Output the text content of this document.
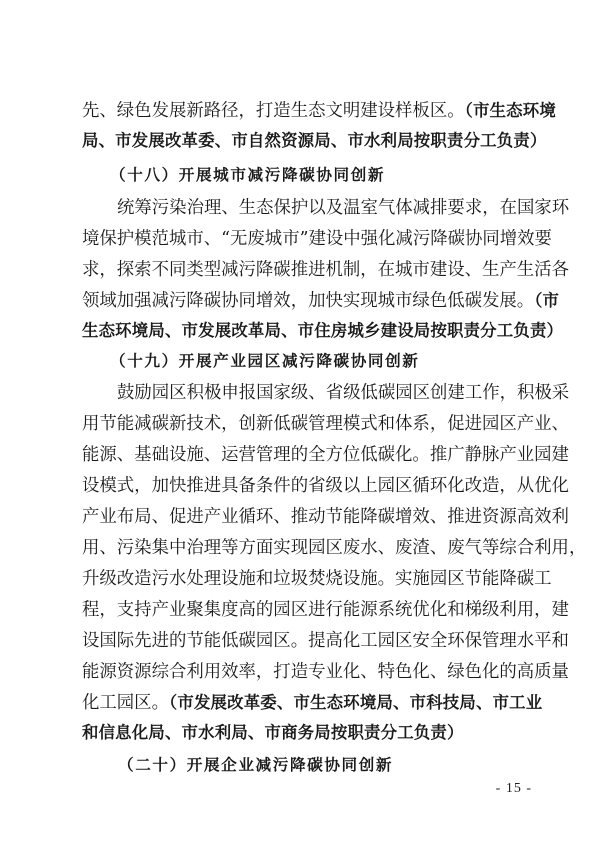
先、绿色发展新路径，打造生态文明建设样板区。（市生态环境
局、市发展改革委、市自然资源局、市水利局按职责分工负责）
（十八）开展城市减污降碳协同创新
统筹污染治理、生态保护以及温室气体减排要求，在国家环
境保护模范城市、“无废城市”建设中强化减污降碳协同增效要
求，探索不同类型减污降碳推进机制，在城市建设、生产生活各
领域加强减污降碳协同增效，加快实现城市绿色低碳发展。（市
生态环境局、市发展改革局、市住房城乡建设局按职责分工负责）
（十九）开展产业园区减污降碳协同创新
鼓励园区积极申报国家级、省级低碳园区创建工作，积极采
用节能减碳新技术，创新低碳管理模式和体系，促进园区产业、
能源、基础设施、运营管理的全方位低碳化。推广静脉产业园建
设模式，加快推进具备条件的省级以上园区循环化改造，从优化
产业布局、促进产业循环、推动节能降碳增效、推进资源高效利
用、污染集中治理等方面实现园区废水、废渣、废气等综合利用，
升级改造污水处理设施和垃圾焚烧设施。实施园区节能降碳工
程，支持产业聚集度高的园区进行能源系统优化和梯级利用，建
设国际先进的节能低碳园区。提高化工园区安全环保管理水平和
能源资源综合利用效率，打造专业化、特色化、绿色化的高质量
化工园区。（市发展改革委、市生态环境局、市科技局、市工业
和信息化局、市水利局、市商务局按职责分工负责）
（二十）开展企业减污降碳协同创新
- 15 -
